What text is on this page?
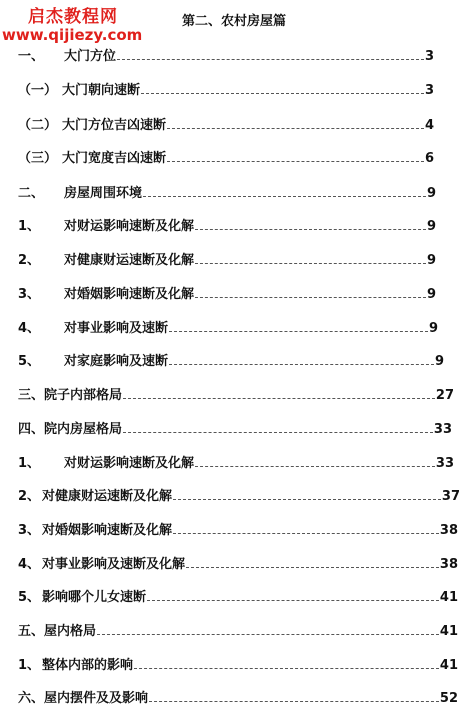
启杰教程网
www.qijiezy.com
第二、农村房屋篇
一、	大门方位	3
（一） 大门朝向速断	3
（二） 大门方位吉凶速断	4
（三） 大门宽度吉凶速断	6
二、	房屋周围环境	9
1、	对财运影响速断及化解	9
2、	对健康财运速断及化解	9
3、	对婚姻影响速断及化解	9
4、	对事业影响及速断	9
5、	对家庭影响及速断	9
三、 院子内部格局	27
四、 院内房屋格局	33
1、	对财运影响速断及化解	33
2、 对健康财运速断及化解	37
3、 对婚姻影响速断及化解	38
4、 对事业影响及速断及化解	38
5、 影响哪个儿女速断	41
五、 屋内格局	41
1、 整体内部的影响	41
六、 屋内摆件及及影响	52
